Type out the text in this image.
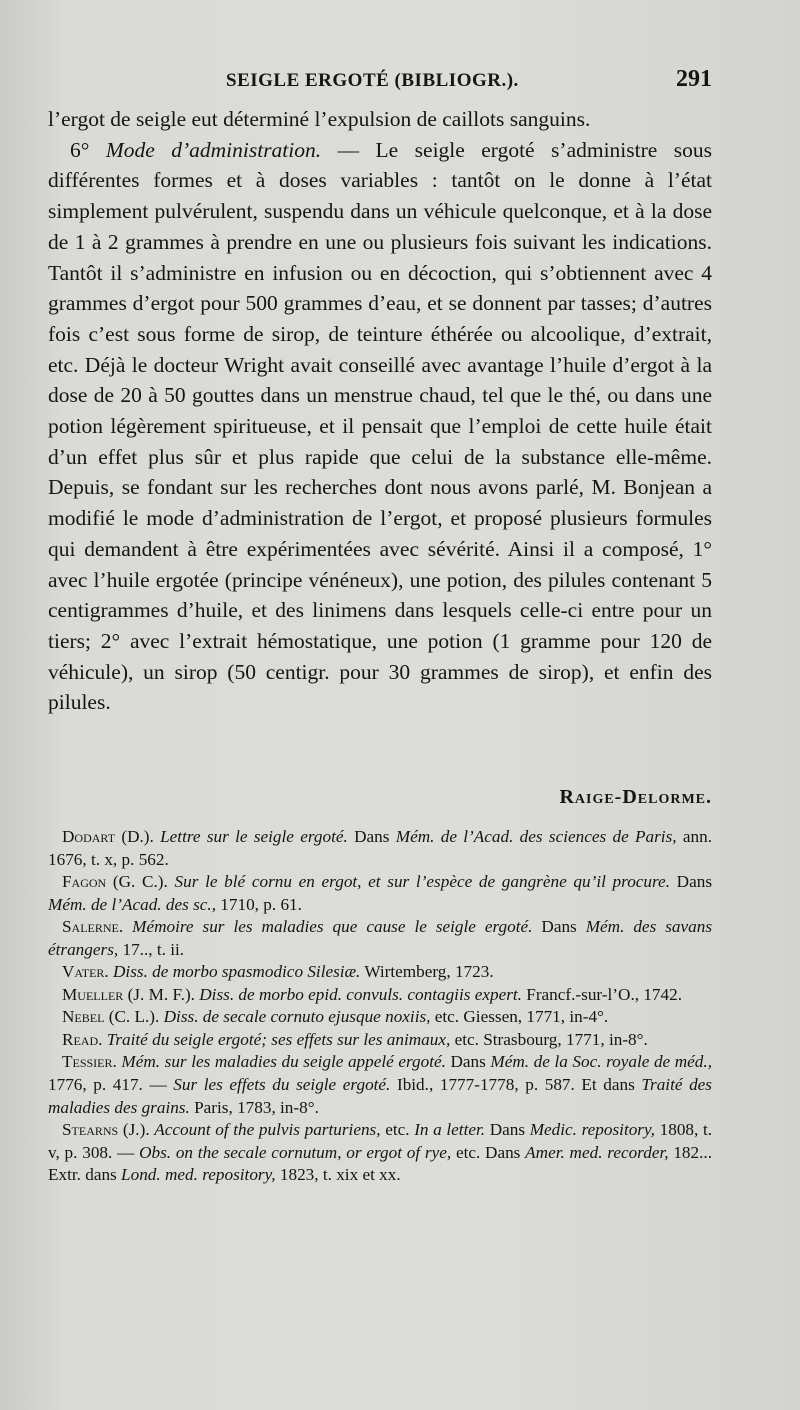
SEIGLE ERGOTÉ (BIBLIOGR.).	291

l’ergot de seigle eut déterminé l’expulsion de caillots sanguins.

6° Mode d’administration. — Le seigle ergoté s’administre sous différentes formes et à doses variables : tantôt on le donne à l’état simplement pulvérulent, suspendu dans un véhicule quelconque, et à la dose de 1 à 2 grammes à prendre en une ou plusieurs fois suivant les indications. Tantôt il s’administre en infusion ou en décoction, qui s’obtiennent avec 4 grammes d’ergot pour 500 grammes d’eau, et se donnent par tasses; d’autres fois c’est sous forme de sirop, de teinture éthérée ou alcoolique, d’extrait, etc. Déjà le docteur Wright avait conseillé avec avantage l’huile d’ergot à la dose de 20 à 50 gouttes dans un menstrue chaud, tel que le thé, ou dans une potion légèrement spiritueuse, et il pensait que l’emploi de cette huile était d’un effet plus sûr et plus rapide que celui de la substance elle-même. Depuis, se fondant sur les recherches dont nous avons parlé, M. Bonjean a modifié le mode d’administration de l’ergot, et proposé plusieurs formules qui demandent à être expérimentées avec sévérité. Ainsi il a composé, 1° avec l’huile ergotée (principe vénéneux), une potion, des pilules contenant 5 centigrammes d’huile, et des linimens dans lesquels celle-ci entre pour un tiers; 2° avec l’extrait hémostatique, une potion (1 gramme pour 120 de véhicule), un sirop (50 centigr. pour 30 grammes de sirop), et enfin des pilules.

Raige-Delorme.

Dodart (D.). Lettre sur le seigle ergoté. Dans Mém. de l’Acad. des sciences de Paris, ann. 1676, t. x, p. 562.

Fagon (G. C.). Sur le blé cornu en ergot, et sur l’espèce de gangrène qu’il procure. Dans Mém. de l’Acad. des sc., 1710, p. 61.

Salerne. Mémoire sur les maladies que cause le seigle ergoté. Dans Mém. des savans étrangers, 17.., t. ii.

Vater. Diss. de morbo spasmodico Silesiæ. Wirtemberg, 1723.

Mueller (J. M. F.). Diss. de morbo epid. convuls. contagiis expert. Francf.-sur-l’O., 1742.

Nebel (C. L.). Diss. de secale cornuto ejusque noxiis, etc. Giessen, 1771, in-4°.

Read. Traité du seigle ergoté; ses effets sur les animaux, etc. Strasbourg, 1771, in-8°.

Tessier. Mém. sur les maladies du seigle appelé ergoté. Dans Mém. de la Soc. royale de méd., 1776, p. 417. — Sur les effets du seigle ergoté. Ibid., 1777-1778, p. 587. Et dans Traité des maladies des grains. Paris, 1783, in-8°.

Stearns (J.). Account of the pulvis parturiens, etc. In a letter. Dans Medic. repository, 1808, t. v, p. 308. — Obs. on the secale cornutum, or ergot of rye, etc. Dans Amer. med. recorder, 182... Extr. dans Lond. med. repository, 1823, t. xix et xx.
